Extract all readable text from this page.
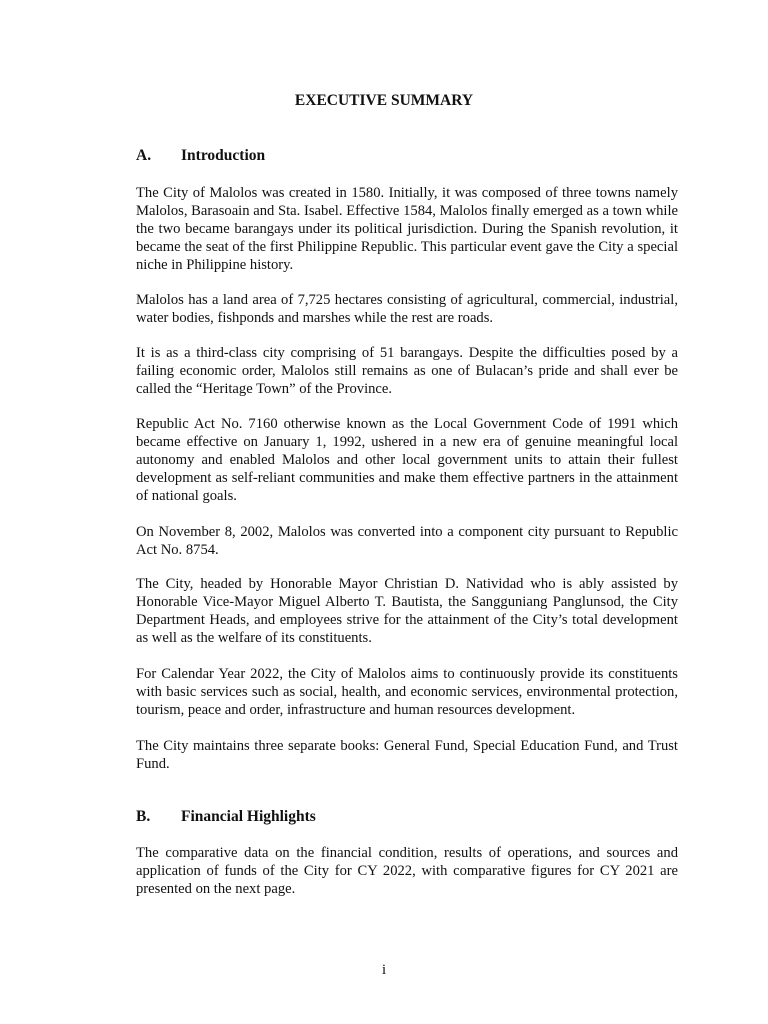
EXECUTIVE SUMMARY
A.	Introduction

The City of Malolos was created in 1580. Initially, it was composed of three towns namely Malolos, Barasoain and Sta. Isabel. Effective 1584, Malolos finally emerged as a town while the two became barangays under its political jurisdiction. During the Spanish revolution, it became the seat of the first Philippine Republic. This particular event gave the City a special niche in Philippine history.

Malolos has a land area of 7,725 hectares consisting of agricultural, commercial, industrial, water bodies, fishponds and marshes while the rest are roads.

It is as a third-class city comprising of 51 barangays. Despite the difficulties posed by a failing economic order, Malolos still remains as one of Bulacan’s pride and shall ever be called the “Heritage Town” of the Province.

Republic Act No. 7160 otherwise known as the Local Government Code of 1991 which became effective on January 1, 1992, ushered in a new era of genuine meaningful local autonomy and enabled Malolos and other local government units to attain their fullest development as self-reliant communities and make them effective partners in the attainment of national goals.

On November 8, 2002, Malolos was converted into a component city pursuant to Republic Act No. 8754.

The City, headed by Honorable Mayor Christian D. Natividad who is ably assisted by Honorable Vice-Mayor Miguel Alberto T. Bautista, the Sangguniang Panglunsod, the City Department Heads, and employees strive for the attainment of the City’s total development as well as the welfare of its constituents.

For Calendar Year 2022, the City of Malolos aims to continuously provide its constituents with basic services such as social, health, and economic services, environmental protection, tourism, peace and order, infrastructure and human resources development.

The City maintains three separate books: General Fund, Special Education Fund, and Trust Fund.

B.	Financial Highlights

The comparative data on the financial condition, results of operations, and sources and application of funds of the City for CY 2022, with comparative figures for CY 2021 are presented on the next page.

i
